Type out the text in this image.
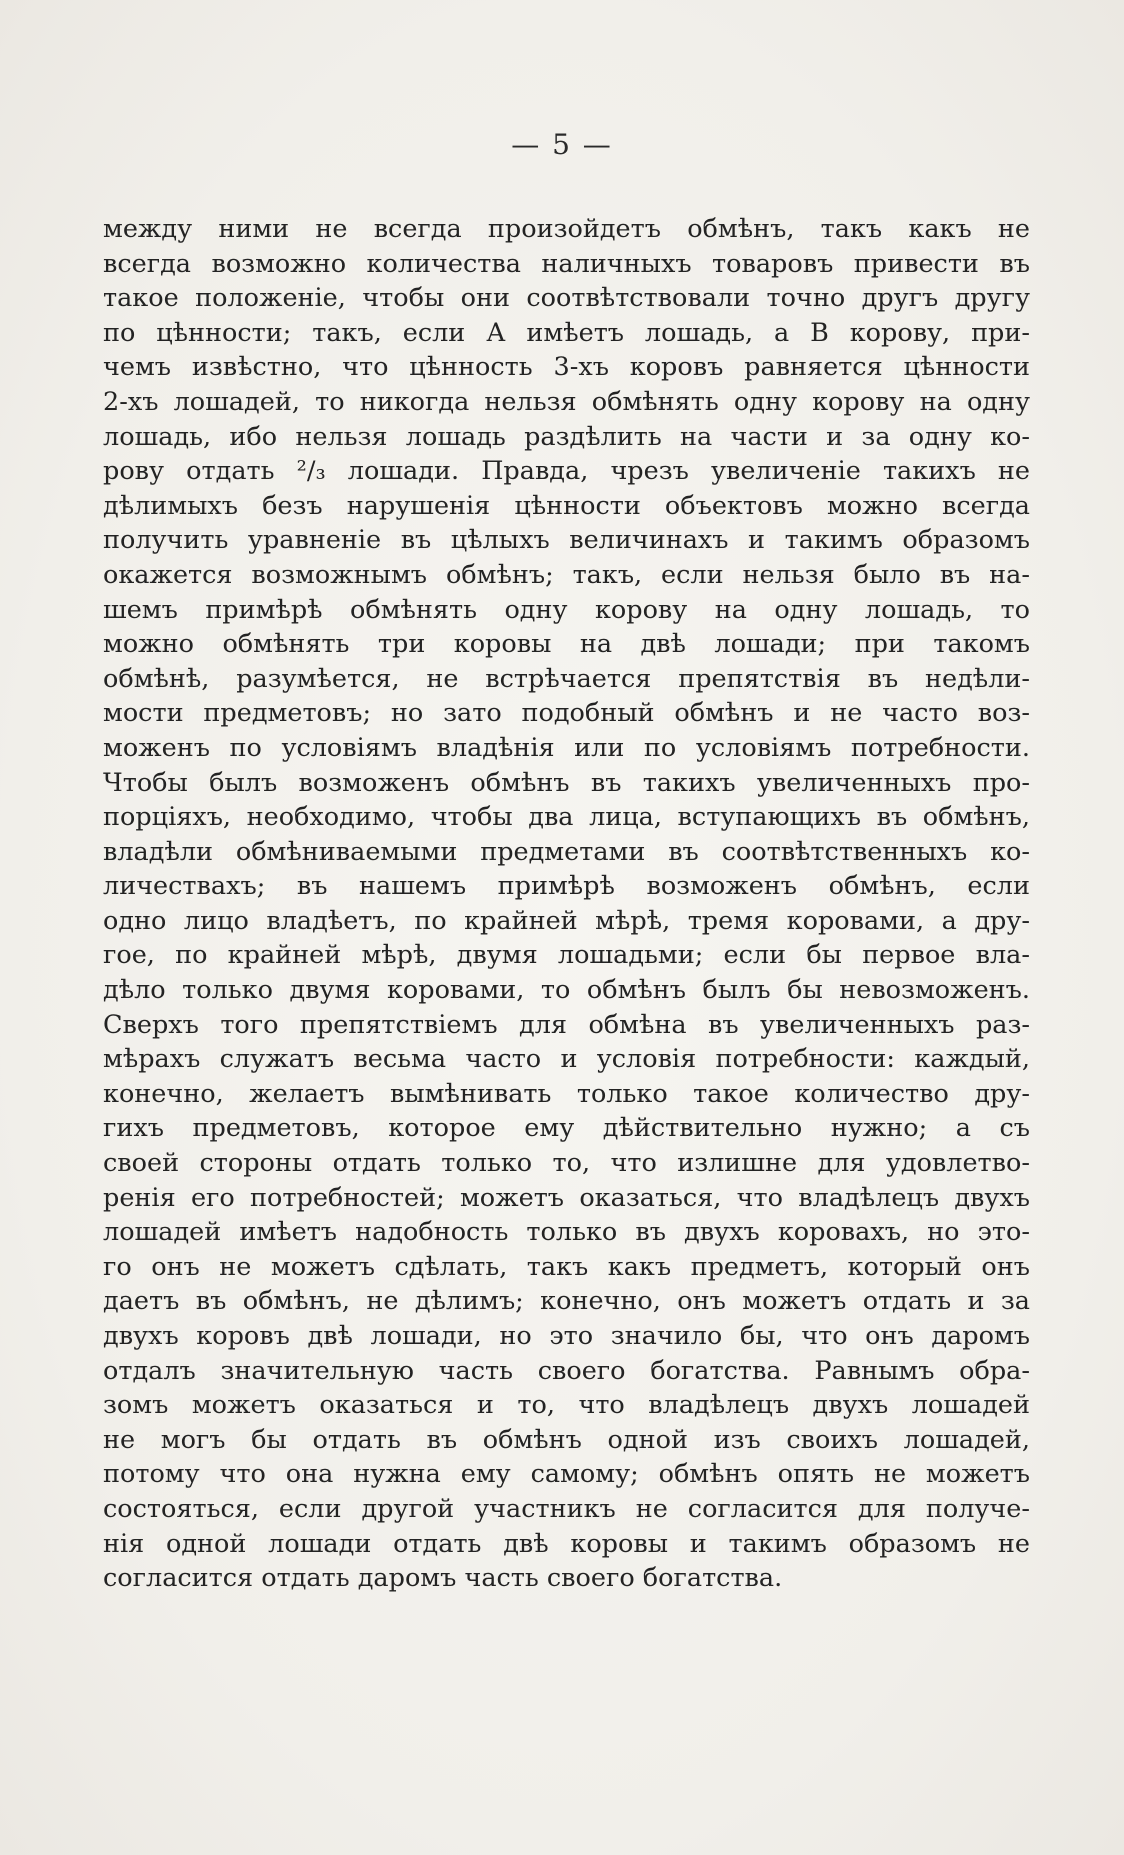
— 5 —
между ними не всегда произойдетъ обмѣнъ, такъ какъ не
всегда возможно количества наличныхъ товаровъ привести въ
такое положенiе, чтобы они соотвѣтствовали точно другъ другу
по цѣнности; такъ, если А имѣетъ лошадь, а В корову, при-
чемъ извѣстно, что цѣнность 3-хъ коровъ равняется цѣнности
2-хъ лошадей, то никогда нельзя обмѣнять одну корову на одну
лошадь, ибо нельзя лошадь раздѣлить на части и за одну ко-
рову отдать ²/₃ лошади. Правда, чрезъ увеличенiе такихъ не
дѣлимыхъ безъ нарушенiя цѣнности объектовъ можно всегда
получить уравненiе въ цѣлыхъ величинахъ и такимъ образомъ
окажется возможнымъ обмѣнъ; такъ, если нельзя было въ на-
шемъ примѣрѣ обмѣнять одну корову на одну лошадь, то
можно обмѣнять три коровы на двѣ лошади; при такомъ
обмѣнѣ, разумѣется, не встрѣчается препятствiя въ недѣли-
мости предметовъ; но зато подобный обмѣнъ и не часто воз-
моженъ по условiямъ владѣнiя или по условiямъ потребности.
Чтобы былъ возможенъ обмѣнъ въ такихъ увеличенныхъ про-
порцiяхъ, необходимо, чтобы два лица, вступающихъ въ обмѣнъ,
владѣли обмѣниваемыми предметами въ соотвѣтственныхъ ко-
личествахъ; въ нашемъ примѣрѣ возможенъ обмѣнъ, если
одно лицо владѣетъ, по крайней мѣрѣ, тремя коровами, а дру-
гое, по крайней мѣрѣ, двумя лошадьми; если бы первое вла-
дѣло только двумя коровами, то обмѣнъ былъ бы невозможенъ.
Сверхъ того препятствiемъ для обмѣна въ увеличенныхъ раз-
мѣрахъ служатъ весьма часто и условiя потребности: каждый,
конечно, желаетъ вымѣнивать только такое количество дру-
гихъ предметовъ, которое ему дѣйствительно нужно; а съ
своей стороны отдать только то, что излишне для удовлетво-
ренiя его потребностей; можетъ оказаться, что владѣлецъ двухъ
лошадей имѣетъ надобность только въ двухъ коровахъ, но это-
го онъ не можетъ сдѣлать, такъ какъ предметъ, который онъ
даетъ въ обмѣнъ, не дѣлимъ; конечно, онъ можетъ отдать и за
двухъ коровъ двѣ лошади, но это значило бы, что онъ даромъ
отдалъ значительную часть своего богатства. Равнымъ обра-
зомъ можетъ оказаться и то, что владѣлецъ двухъ лошадей
не могъ бы отдать въ обмѣнъ одной изъ своихъ лошадей,
потому что она нужна ему самому; обмѣнъ опять не можетъ
состояться, если другой участникъ не согласится для получе-
нiя одной лошади отдать двѣ коровы и такимъ образомъ не
согласится отдать даромъ часть своего богатства.
